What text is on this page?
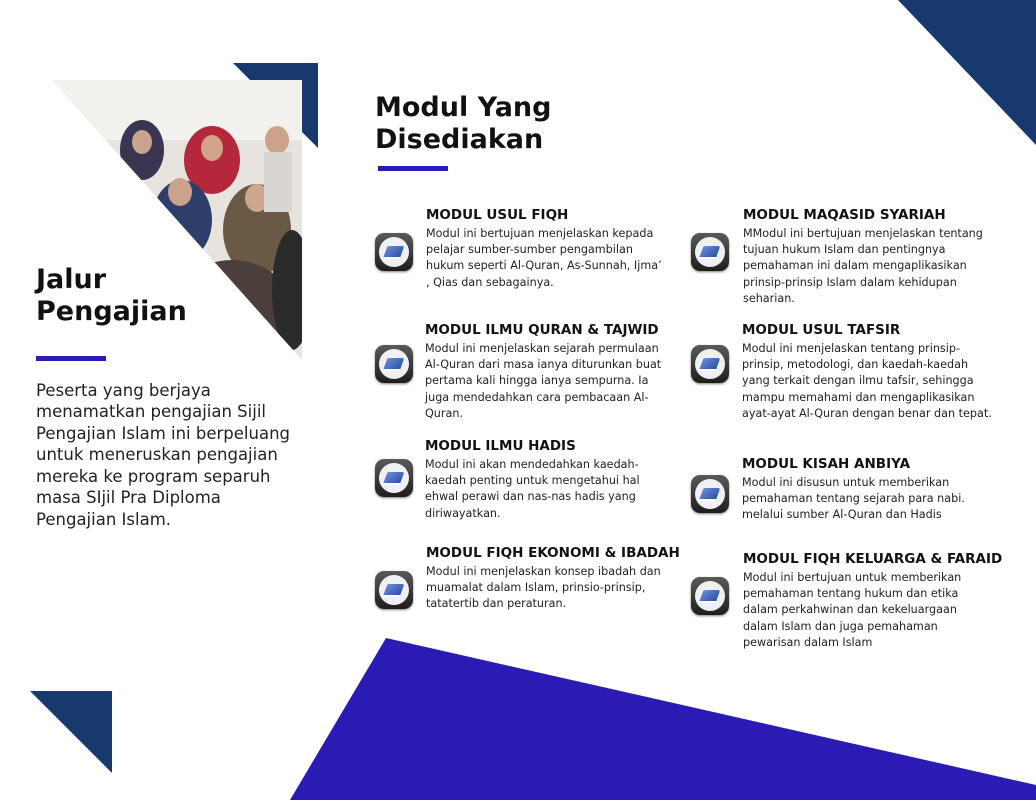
Jalur
Pengajian
Peserta yang berjaya menamatkan pengajian Sijil Pengajian Islam ini berpeluang untuk meneruskan pengajian mereka ke program separuh masa SIjil Pra Diploma Pengajian Islam.
Modul Yang
Disediakan
MODUL USUL FIQH
Modul ini bertujuan menjelaskan kepada pelajar sumber-sumber pengambilan hukum seperti Al-Quran, As-Sunnah, Ijma’ , Qias dan sebagainya.
MODUL ILMU QURAN & TAJWID
Modul ini menjelaskan sejarah permulaan Al-Quran dari masa ianya diturunkan buat pertama kali hingga ianya sempurna. Ia juga mendedahkan cara pembacaan Al-Quran.
MODUL ILMU HADIS
Modul ini akan mendedahkan kaedah-kaedah penting untuk mengetahui hal ehwal perawi dan nas-nas hadis yang diriwayatkan.
MODUL FIQH EKONOMI & IBADAH
Modul ini menjelaskan konsep ibadah dan muamalat dalam Islam, prinsio-prinsip, tatatertib dan peraturan.
MODUL MAQASID SYARIAH
MModul ini bertujuan menjelaskan tentang tujuan hukum Islam dan pentingnya pemahaman ini dalam mengaplikasikan prinsip-prinsip Islam dalam kehidupan seharian.
MODUL USUL TAFSIR
Modul ini menjelaskan tentang prinsip-prinsip, metodologi, dan kaedah-kaedah yang terkait dengan ilmu tafsir, sehingga mampu memahami dan mengaplikasikan ayat-ayat Al-Quran dengan benar dan tepat.
MODUL KISAH ANBIYA
Modul ini disusun untuk memberikan pemahaman tentang sejarah para nabi. melalui sumber Al-Quran dan Hadis
MODUL FIQH KELUARGA & FARAID
Modul ini bertujuan untuk memberikan pemahaman tentang hukum dan etika dalam perkahwinan dan kekeluargaan dalam Islam dan juga pemahaman pewarisan dalam Islam
